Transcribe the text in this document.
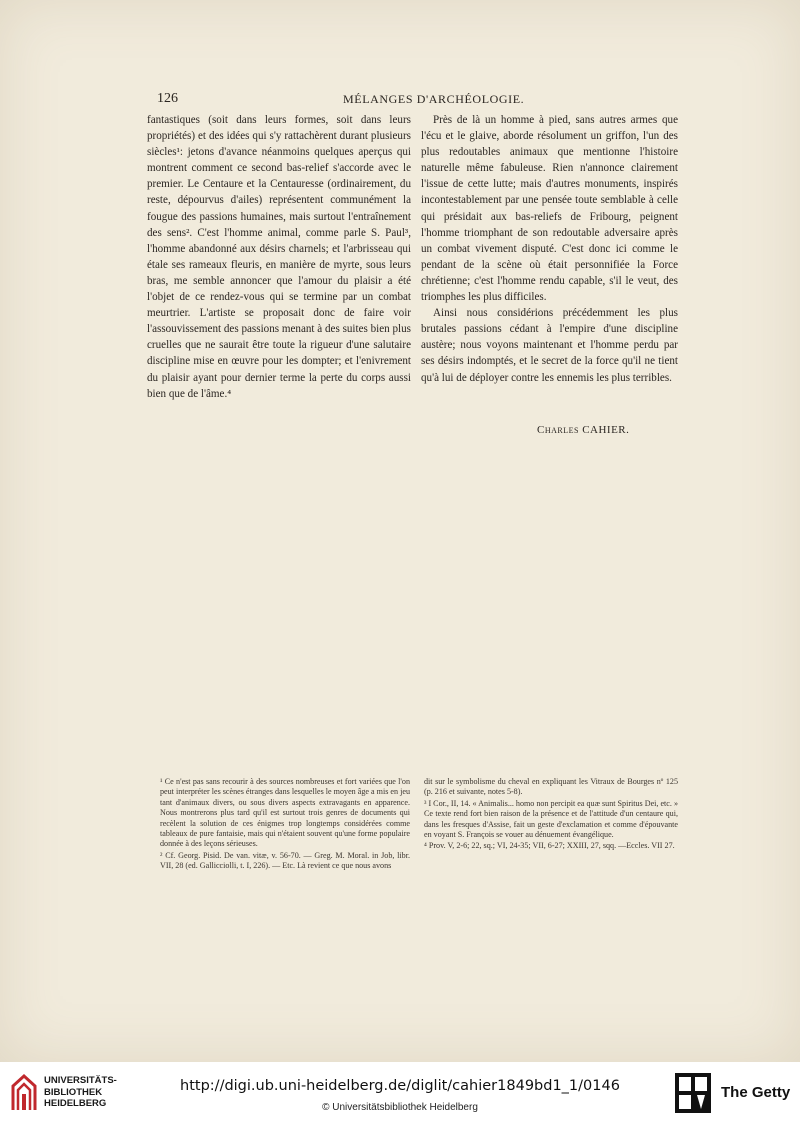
126	MÉLANGES D'ARCHÉOLOGIE.

fantastiques (soit dans leurs formes, soit dans leurs propriétés) et des idées qui s'y rattachèrent durant plusieurs siècles¹: jetons d'avance néanmoins quelques aperçus qui montrent comment ce second bas-relief s'accorde avec le premier. Le Centaure et la Centauresse (ordinairement, du reste, dépourvus d'ailes) représentent communément la fougue des passions humaines, mais surtout l'entraînement des sens². C'est l'homme animal, comme parle S. Paul³, l'homme abandonné aux désirs charnels; et l'arbrisseau qui étale ses rameaux fleuris, en manière de myrte, sous leurs bras, me semble annoncer que l'amour du plaisir a été l'objet de ce rendez-vous qui se termine par un combat meurtrier. L'artiste se proposait donc de faire voir l'assouvissement des passions menant à des suites bien plus cruelles que ne saurait être toute la rigueur d'une salutaire discipline mise en œuvre pour les dompter; et l'enivrement du plaisir ayant pour dernier terme la perte du corps aussi bien que de l'âme.⁴

Près de là un homme à pied, sans autres armes que l'écu et le glaive, aborde résolument un griffon, l'un des plus redoutables animaux que mentionne l'histoire naturelle même fabuleuse. Rien n'annonce clairement l'issue de cette lutte; mais d'autres monuments, inspirés incontestablement par une pensée toute semblable à celle qui présidait aux bas-reliefs de Fribourg, peignent l'homme triomphant de son redoutable adversaire après un combat vivement disputé. C'est donc ici comme le pendant de la scène où était personnifiée la Force chrétienne; c'est l'homme rendu capable, s'il le veut, des triomphes les plus difficiles.

Ainsi nous considérions précédemment les plus brutales passions cédant à l'empire d'une discipline austère; nous voyons maintenant et l'homme perdu par ses désirs indomptés, et le secret de la force qu'il ne tient qu'à lui de déployer contre les ennemis les plus terribles.

Charles CAHIER.

¹ Ce n'est pas sans recourir à des sources nombreuses et fort variées que l'on peut interpréter les scènes étranges dans lesquelles le moyen âge a mis en jeu tant d'animaux divers, ou sous divers aspects extravagants en apparence. Nous montrerons plus tard qu'il est surtout trois genres de documents qui recèlent la solution de ces énigmes trop longtemps considérées comme tableaux de pure fantaisie, mais qui n'étaient souvent qu'une forme populaire donnée à des leçons sérieuses.

² Cf. Georg. Pisid. De van. vitæ, v. 56-70. — Greg. M. Moral. in Job, libr. VII, 28 (ed. Gallicciolli, t. I, 226). — Etc. Là revient ce que nous avons

dit sur le symbolisme du cheval en expliquant les Vitraux de Bourges nº 125 (p. 216 et suivante, notes 5-8).

³ I Cor., II, 14. « Animalis... homo non percipit ea quæ sunt Spiritus Dei, etc. » Ce texte rend fort bien raison de la présence et de l'attitude d'un centaure qui, dans les fresques d'Assise, fait un geste d'exclamation et comme d'épouvante en voyant S. François se vouer au dénuement évangélique.

⁴ Prov. V, 2-6; 22, sq.; VI, 24-35; VII, 6-27; XXIII, 27, sqq. —Eccles. VII 27.

UNIVERSITÄTS-
BIBLIOTHEK
HEIDELBERG
http://digi.ub.uni-heidelberg.de/diglit/cahier1849bd1_1/0146
© Universitätsbibliothek Heidelberg
The Getty
